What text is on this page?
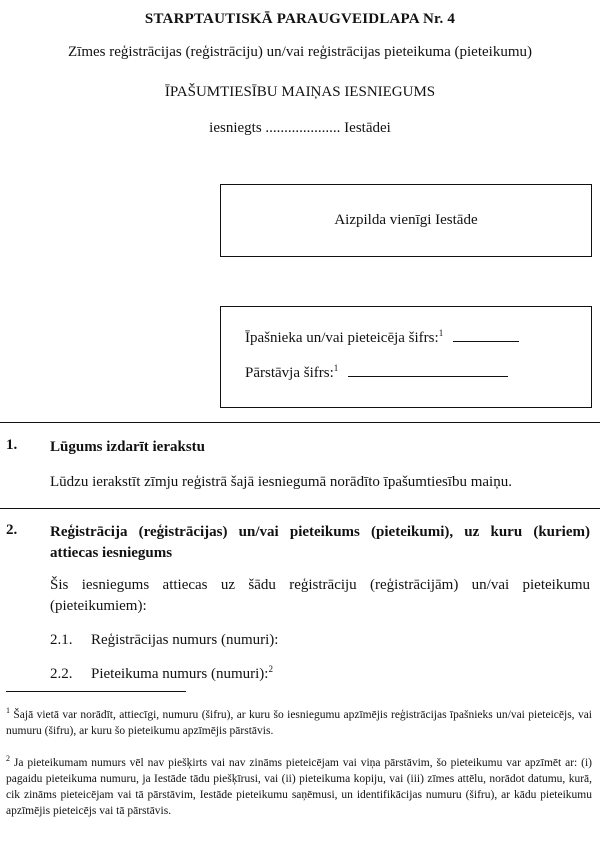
STARPTAUTISKĀ PARAUGVEIDLAPA Nr. 4
Zīmes reģistrācijas (reģistrāciju) un/vai reģistrācijas pieteikuma (pieteikumu)
ĪPAŠUMTIESĪBU MAIŅAS IESNIEGUMS
iesniegts .................... Iestādei
Aizpilda vienīgi Iestāde
Īpašnieka un/vai pieteicēja šifrs:$^1$
Pārstāvja šifrs:$^1$
1. Lūgums izdarīt ierakstu
Lūdzu ierakstīt zīmju reģistrā šajā iesniegumā norādīto īpašumtiesību maiņu.
2. Reģistrācija (reģistrācijas) un/vai pieteikums (pieteikumi), uz kuru (kuriem) attiecas iesniegums
Šis iesniegums attiecas uz šādu reģistrāciju (reģistrācijām) un/vai pieteikumu (pieteikumiem):
2.1. Reģistrācijas numurs (numuri):
2.2. Pieteikuma numurs (numuri):$^2$
$^1$ Šajā vietā var norādīt, attiecīgi, numuru (šifru), ar kuru šo iesniegumu apzīmējis reģistrācijas īpašnieks un/vai pieteicējs, vai numuru (šifru), ar kuru šo pieteikumu apzīmējis pārstāvis.
$^2$ Ja pieteikumam numurs vēl nav piešķirts vai nav zināms pieteicējam vai viņa pārstāvim, šo pieteikumu var apzīmēt ar: (i) pagaidu pieteikuma numuru, ja Iestāde tādu piešķīrusi, vai (ii) pieteikuma kopiju, vai (iii) zīmes attēlu, norādot datumu, kurā, cik zināms pieteicējam vai tā pārstāvim, Iestāde pieteikumu saņēmusi, un identifikācijas numuru (šifru), ar kādu pieteikumu apzīmējis pieteicējs vai tā pārstāvis.
